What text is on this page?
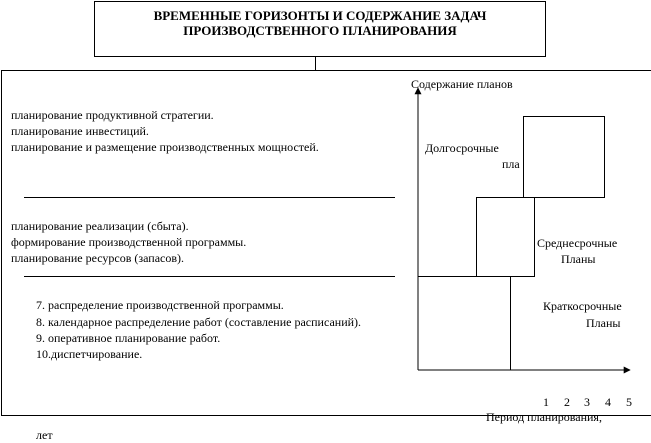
ВРЕМЕННЫЕ ГОРИЗОНТЫ И СОДЕРЖАНИЕ ЗАДАЧ
ПРОИЗВОДСТВЕННОГО ПЛАНИРОВАНИЯ
планирование продуктивной стратегии.
планирование инвестиций.
планирование и размещение производственных мощностей.
планирование реализации (сбыта).
формирование производственной программы.
планирование ресурсов (запасов).
7. распределение производственной программы.
8. календарное распределение работ (составление расписаний).
9. оперативное планирование работ.
10.диспетчирование.
Содержание планов
Долгосрочные
пла
Среднесрочные
Планы
Краткосрочные
Планы
1 2 3 4 5
Период планирования,
лет
